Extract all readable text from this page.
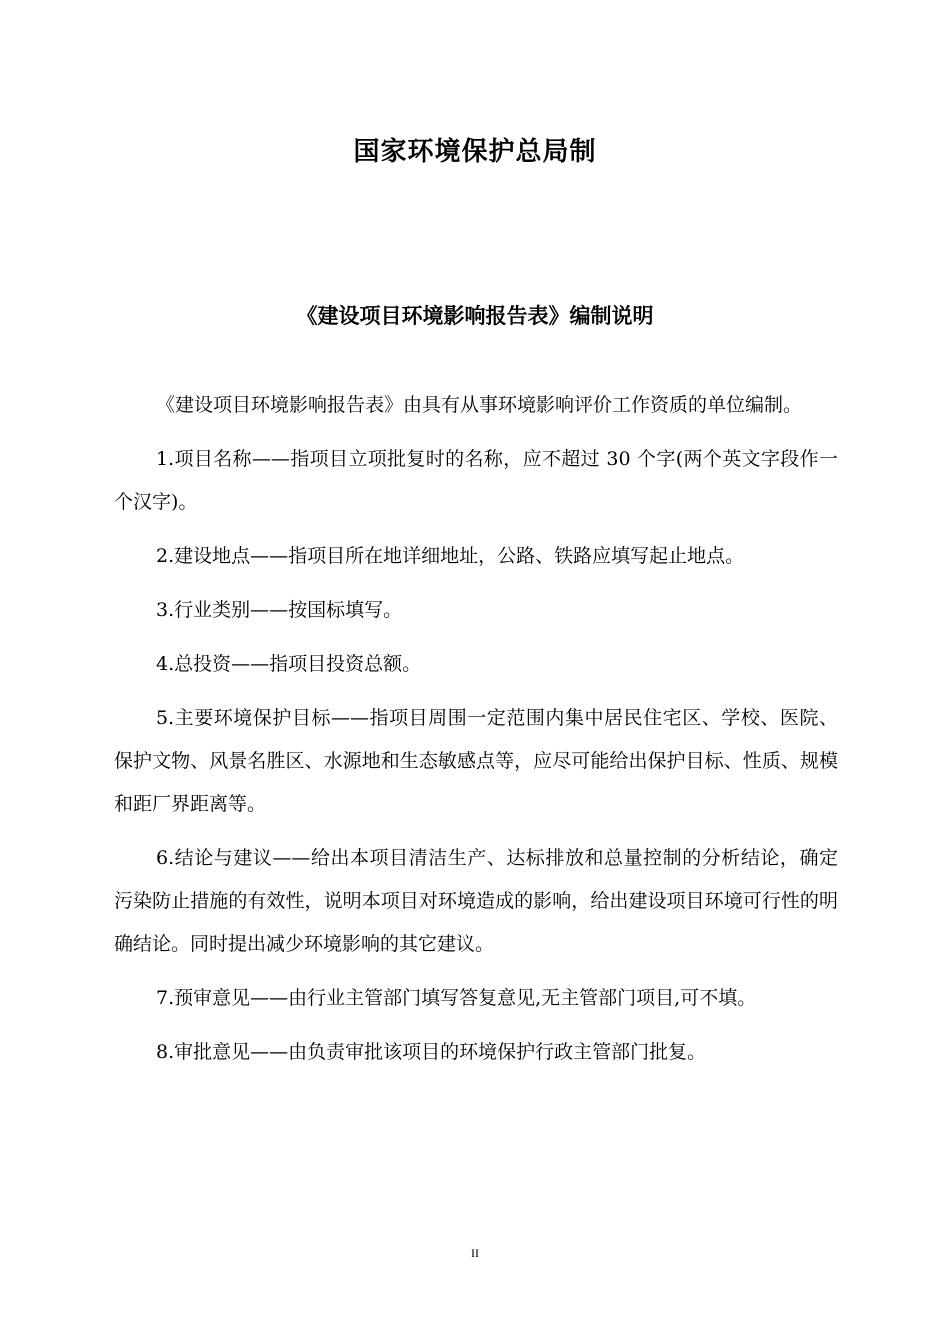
国家环境保护总局制
《建设项目环境影响报告表》编制说明

《建设项目环境影响报告表》由具有从事环境影响评价工作资质的单位编制。

1.项目名称——指项目立项批复时的名称，应不超过 30 个字(两个英文字段作一个汉字)。

2.建设地点——指项目所在地详细地址，公路、铁路应填写起止地点。

3.行业类别——按国标填写。

4.总投资——指项目投资总额。

5.主要环境保护目标——指项目周围一定范围内集中居民住宅区、学校、医院、保护文物、风景名胜区、水源地和生态敏感点等，应尽可能给出保护目标、性质、规模和距厂界距离等。

6.结论与建议——给出本项目清洁生产、达标排放和总量控制的分析结论，确定污染防止措施的有效性，说明本项目对环境造成的影响，给出建设项目环境可行性的明确结论。同时提出减少环境影响的其它建议。

7.预审意见——由行业主管部门填写答复意见,无主管部门项目,可不填。

8.审批意见——由负责审批该项目的环境保护行政主管部门批复。

II
